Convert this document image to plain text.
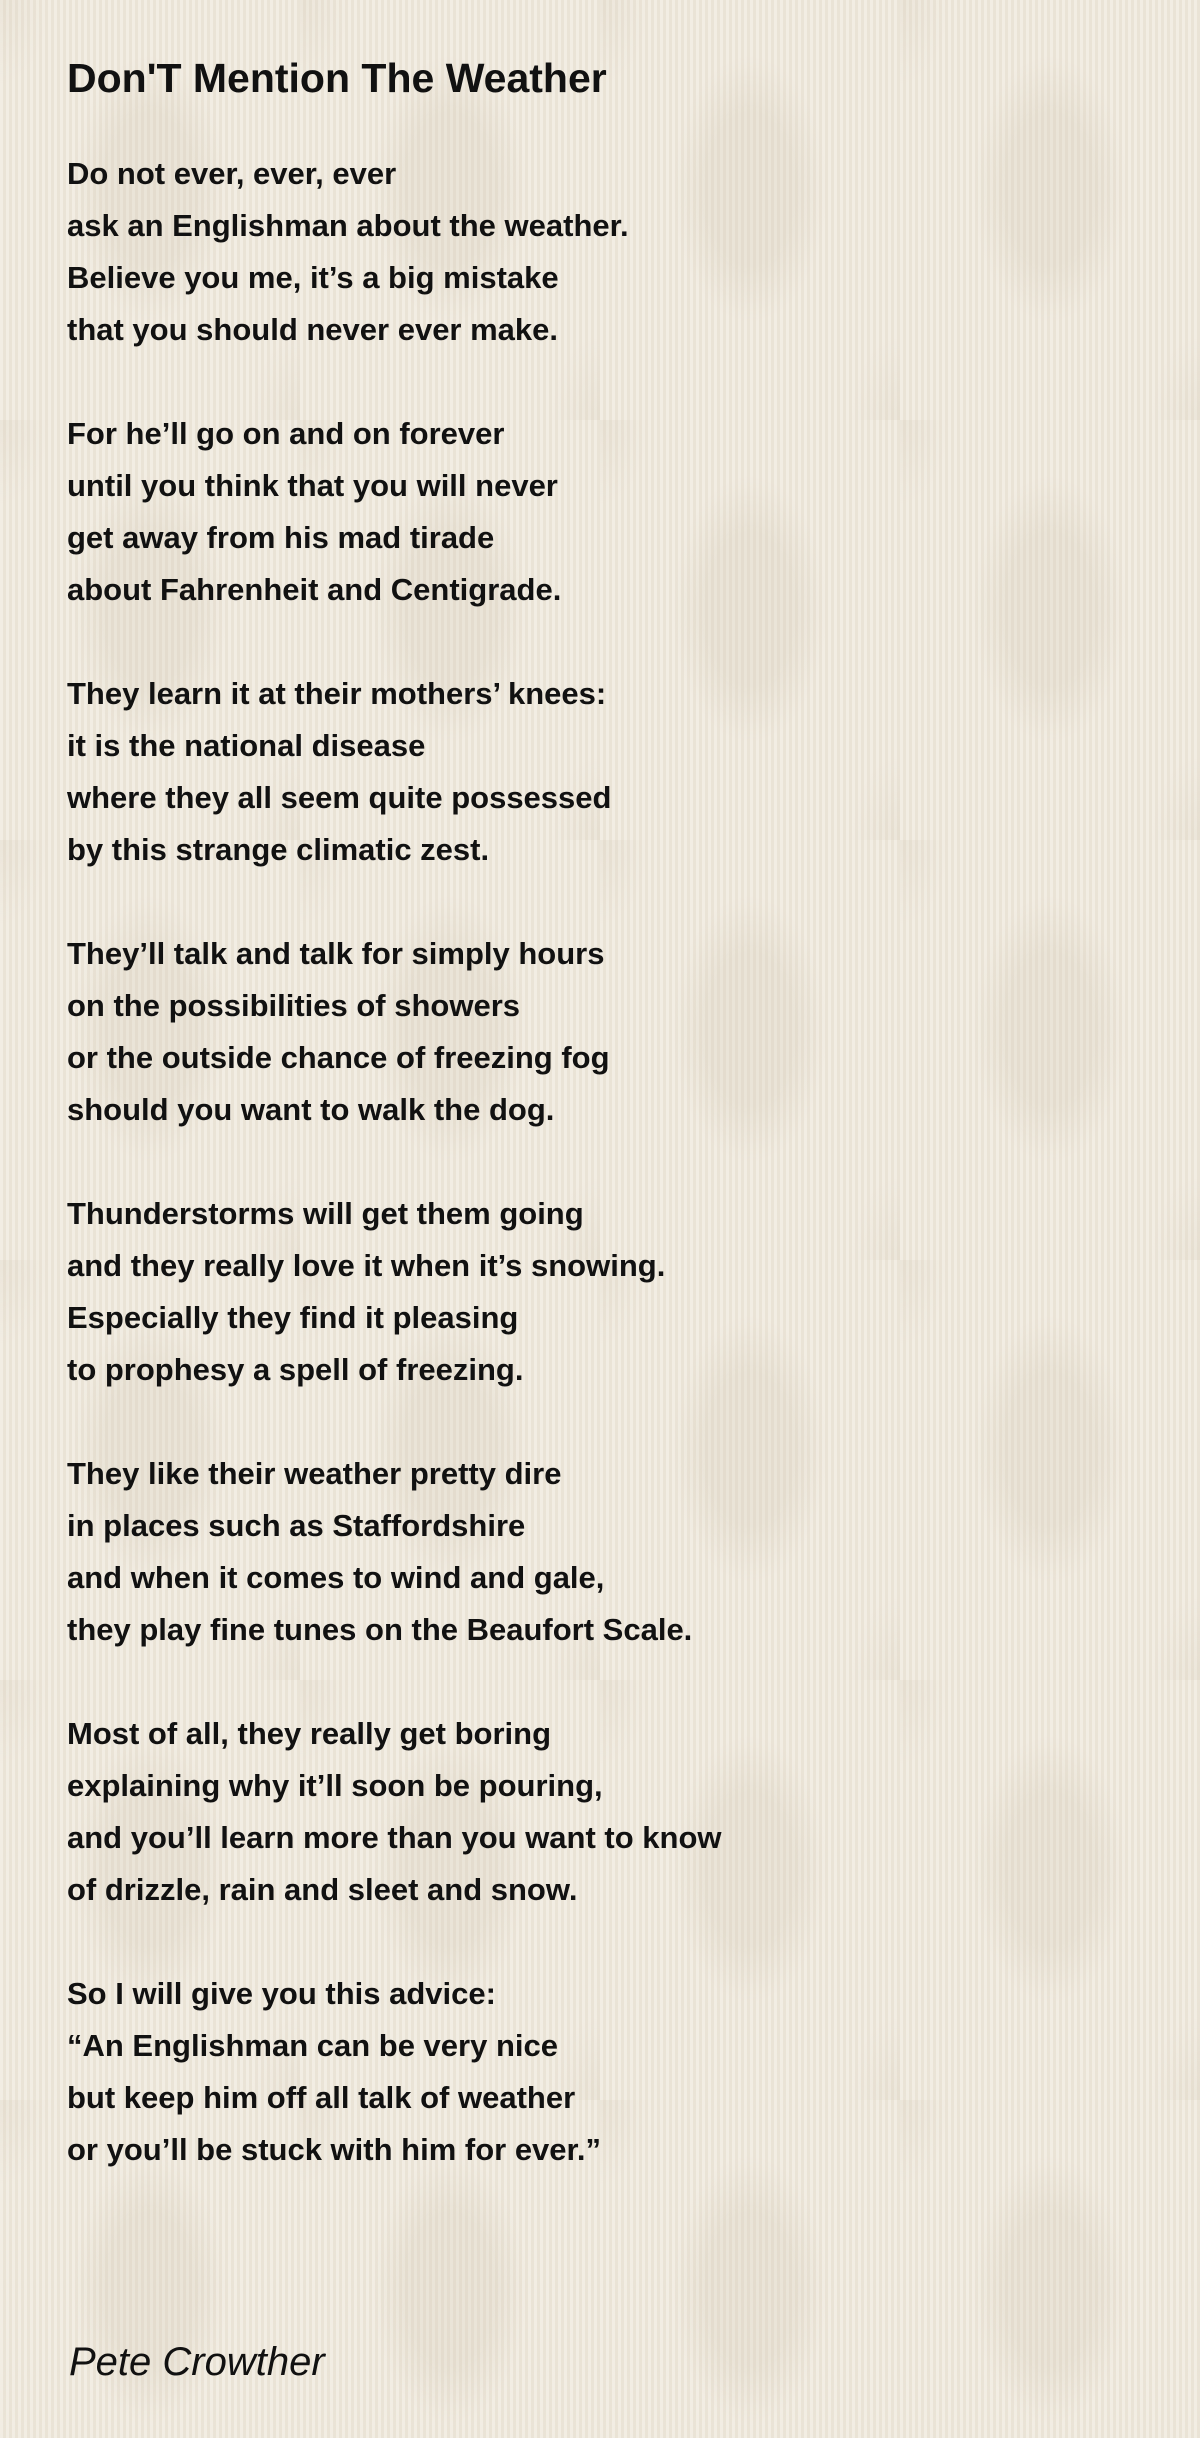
Don'T Mention The Weather
Do not ever, ever, ever
ask an Englishman about the weather.
Believe you me, it’s a big mistake
that you should never ever make.
For he’ll go on and on forever
until you think that you will never
get away from his mad tirade
about Fahrenheit and Centigrade.
They learn it at their mothers’ knees:
it is the national disease
where they all seem quite possessed
by this strange climatic zest.
They’ll talk and talk for simply hours
on the possibilities of showers
or the outside chance of freezing fog
should you want to walk the dog.
Thunderstorms will get them going
and they really love it when it’s snowing.
Especially they find it pleasing
to prophesy a spell of freezing.
They like their weather pretty dire
in places such as Staffordshire
and when it comes to wind and gale,
they play fine tunes on the Beaufort Scale.
Most of all, they really get boring
explaining why it’ll soon be pouring,
and you’ll learn more than you want to know
of drizzle, rain and sleet and snow.
So I will give you this advice:
“An Englishman can be very nice
but keep him off all talk of weather
or you’ll be stuck with him for ever.”
Pete Crowther
